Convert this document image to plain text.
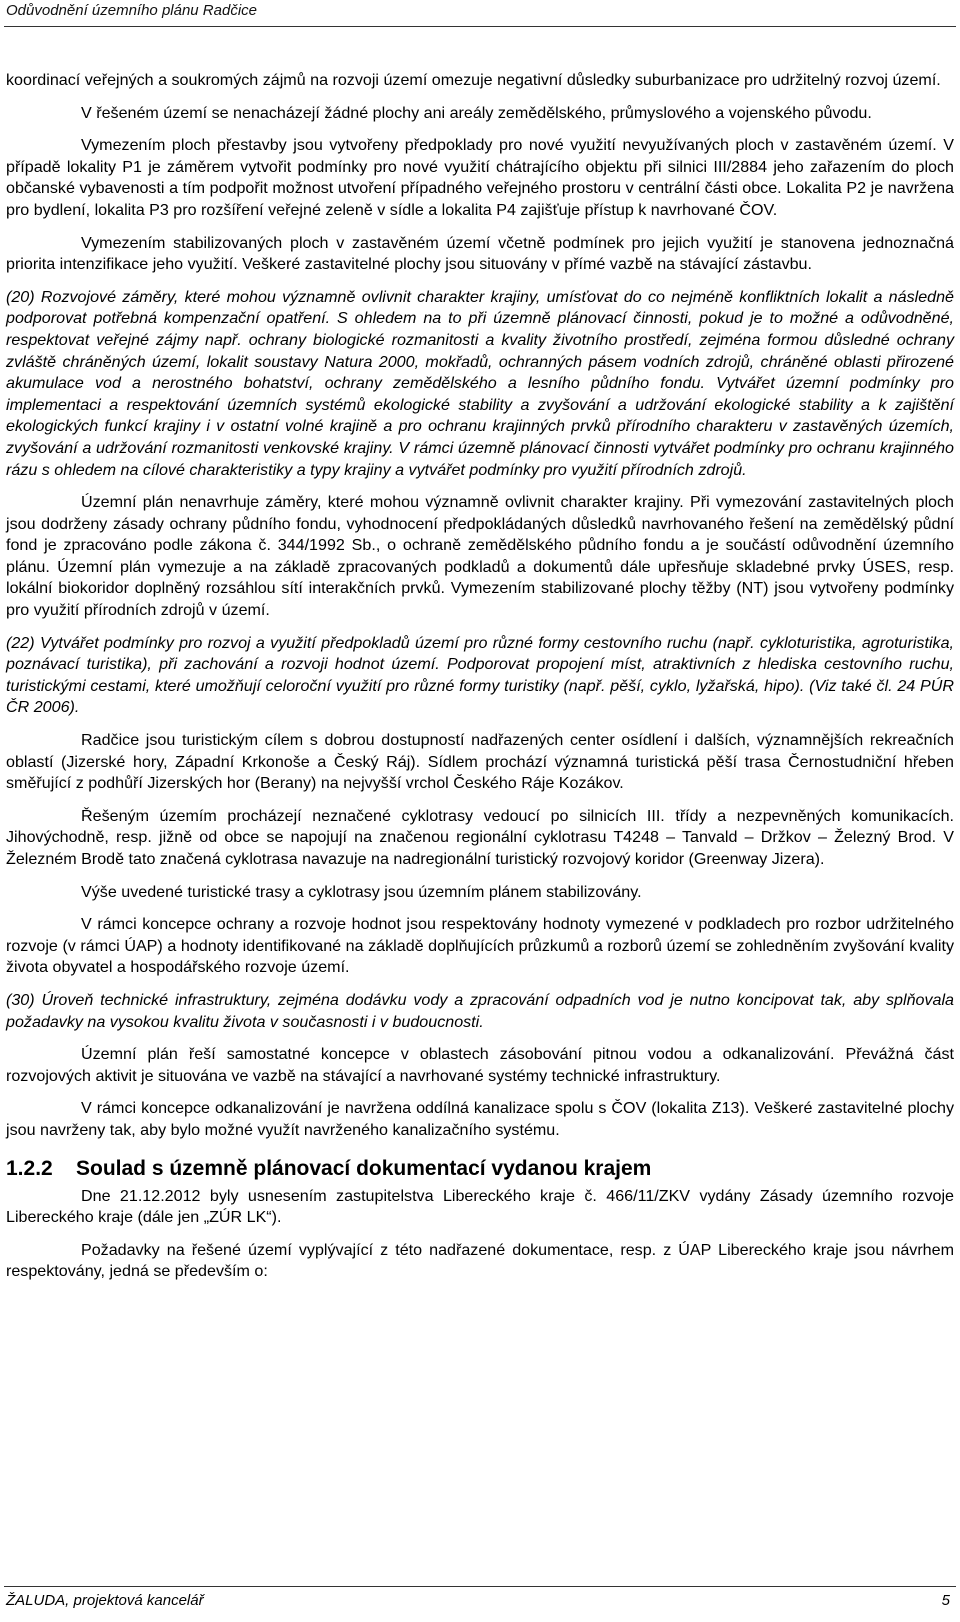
Odůvodnění územního plánu Radčice

koordinací veřejných a soukromých zájmů na rozvoji území omezuje negativní důsledky suburbanizace pro udržitelný rozvoj území.

V řešeném území se nenacházejí žádné plochy ani areály zemědělského, průmyslového a vojenského původu.

Vymezením ploch přestavby jsou vytvořeny předpoklady pro nové využití nevyužívaných ploch v zastavěném území. V případě lokality P1 je záměrem vytvořit podmínky pro nové využití chátrajícího objektu při silnici III/2884 jeho zařazením do ploch občanské vybavenosti a tím podpořit možnost utvoření případného veřejného prostoru v centrální části obce. Lokalita P2 je navržena pro bydlení, lokalita P3 pro rozšíření veřejné zeleně v sídle a lokalita P4 zajišťuje přístup k navrhované ČOV.

Vymezením stabilizovaných ploch v zastavěném území včetně podmínek pro jejich využití je stanovena jednoznačná priorita intenzifikace jeho využití. Veškeré zastavitelné plochy jsou situovány v přímé vazbě na stávající zástavbu.

(20) Rozvojové záměry, které mohou významně ovlivnit charakter krajiny, umísťovat do co nejméně konfliktních lokalit a následně podporovat potřebná kompenzační opatření. S ohledem na to při územně plánovací činnosti, pokud je to možné a odůvodněné, respektovat veřejné zájmy např. ochrany biologické rozmanitosti a kvality životního prostředí, zejména formou důsledné ochrany zvláště chráněných území, lokalit soustavy Natura 2000, mokřadů, ochranných pásem vodních zdrojů, chráněné oblasti přirozené akumulace vod a nerostného bohatství, ochrany zemědělského a lesního půdního fondu. Vytvářet územní podmínky pro implementaci a respektování územních systémů ekologické stability a zvyšování a udržování ekologické stability a k zajištění ekologických funkcí krajiny i v ostatní volné krajině a pro ochranu krajinných prvků přírodního charakteru v zastavěných územích, zvyšování a udržování rozmanitosti venkovské krajiny. V rámci územně plánovací činnosti vytvářet podmínky pro ochranu krajinného rázu s ohledem na cílové charakteristiky a typy krajiny a vytvářet podmínky pro využití přírodních zdrojů.

Územní plán nenavrhuje záměry, které mohou významně ovlivnit charakter krajiny. Při vymezování zastavitelných ploch jsou dodrženy zásady ochrany půdního fondu, vyhodnocení předpokládaných důsledků navrhovaného řešení na zemědělský půdní fond je zpracováno podle zákona č. 344/1992 Sb., o ochraně zemědělského půdního fondu a je součástí odůvodnění územního plánu. Územní plán vymezuje a na základě zpracovaných podkladů a dokumentů dále upřesňuje skladebné prvky ÚSES, resp. lokální biokoridor doplněný rozsáhlou sítí interakčních prvků. Vymezením stabilizované plochy těžby (NT) jsou vytvořeny podmínky pro využití přírodních zdrojů v území.

(22) Vytvářet podmínky pro rozvoj a využití předpokladů území pro různé formy cestovního ruchu (např. cykloturistika, agroturistika, poznávací turistika), při zachování a rozvoji hodnot území. Podporovat propojení míst, atraktivních z hlediska cestovního ruchu, turistickými cestami, které umožňují celoroční využití pro různé formy turistiky (např. pěší, cyklo, lyžařská, hipo). (Viz také čl. 24 PÚR ČR 2006).

Radčice jsou turistickým cílem s dobrou dostupností nadřazených center osídlení i dalších, významnějších rekreačních oblastí (Jizerské hory, Západní Krkonoše a Český Ráj). Sídlem prochází významná turistická pěší trasa Černostudniční hřeben směřující z podhůří Jizerských hor (Berany) na nejvyšší vrchol Českého Ráje Kozákov.

Řešeným územím procházejí neznačené cyklotrasy vedoucí po silnicích III. třídy a nezpevněných komunikacích. Jihovýchodně, resp. jižně od obce se napojují na značenou regionální cyklotrasu T4248 – Tanvald – Držkov – Železný Brod. V Železném Brodě tato značená cyklotrasa navazuje na nadregionální turistický rozvojový koridor (Greenway Jizera).

Výše uvedené turistické trasy a cyklotrasy jsou územním plánem stabilizovány.

V rámci koncepce ochrany a rozvoje hodnot jsou respektovány hodnoty vymezené v podkladech pro rozbor udržitelného rozvoje (v rámci ÚAP) a hodnoty identifikované na základě doplňujících průzkumů a rozborů území se zohledněním zvyšování kvality života obyvatel a hospodářského rozvoje území.

(30) Úroveň technické infrastruktury, zejména dodávku vody a zpracování odpadních vod je nutno koncipovat tak, aby splňovala požadavky na vysokou kvalitu života v současnosti i v budoucnosti.

Územní plán řeší samostatné koncepce v oblastech zásobování pitnou vodou a odkanalizování. Převážná část rozvojových aktivit je situována ve vazbě na stávající a navrhované systémy technické infrastruktury.

V rámci koncepce odkanalizování je navržena oddílná kanalizace spolu s ČOV (lokalita Z13). Veškeré zastavitelné plochy jsou navrženy tak, aby bylo možné využít navrženého kanalizačního systému.

1.2.2 Soulad s územně plánovací dokumentací vydanou krajem

Dne 21.12.2012 byly usnesením zastupitelstva Libereckého kraje č. 466/11/ZKV vydány Zásady územního rozvoje Libereckého kraje (dále jen „ZÚR LK“).

Požadavky na řešené území vyplývající z této nadřazené dokumentace, resp. z ÚAP Libereckého kraje jsou návrhem respektovány, jedná se především o:

ŽALUDA, projektová kancelář	5
